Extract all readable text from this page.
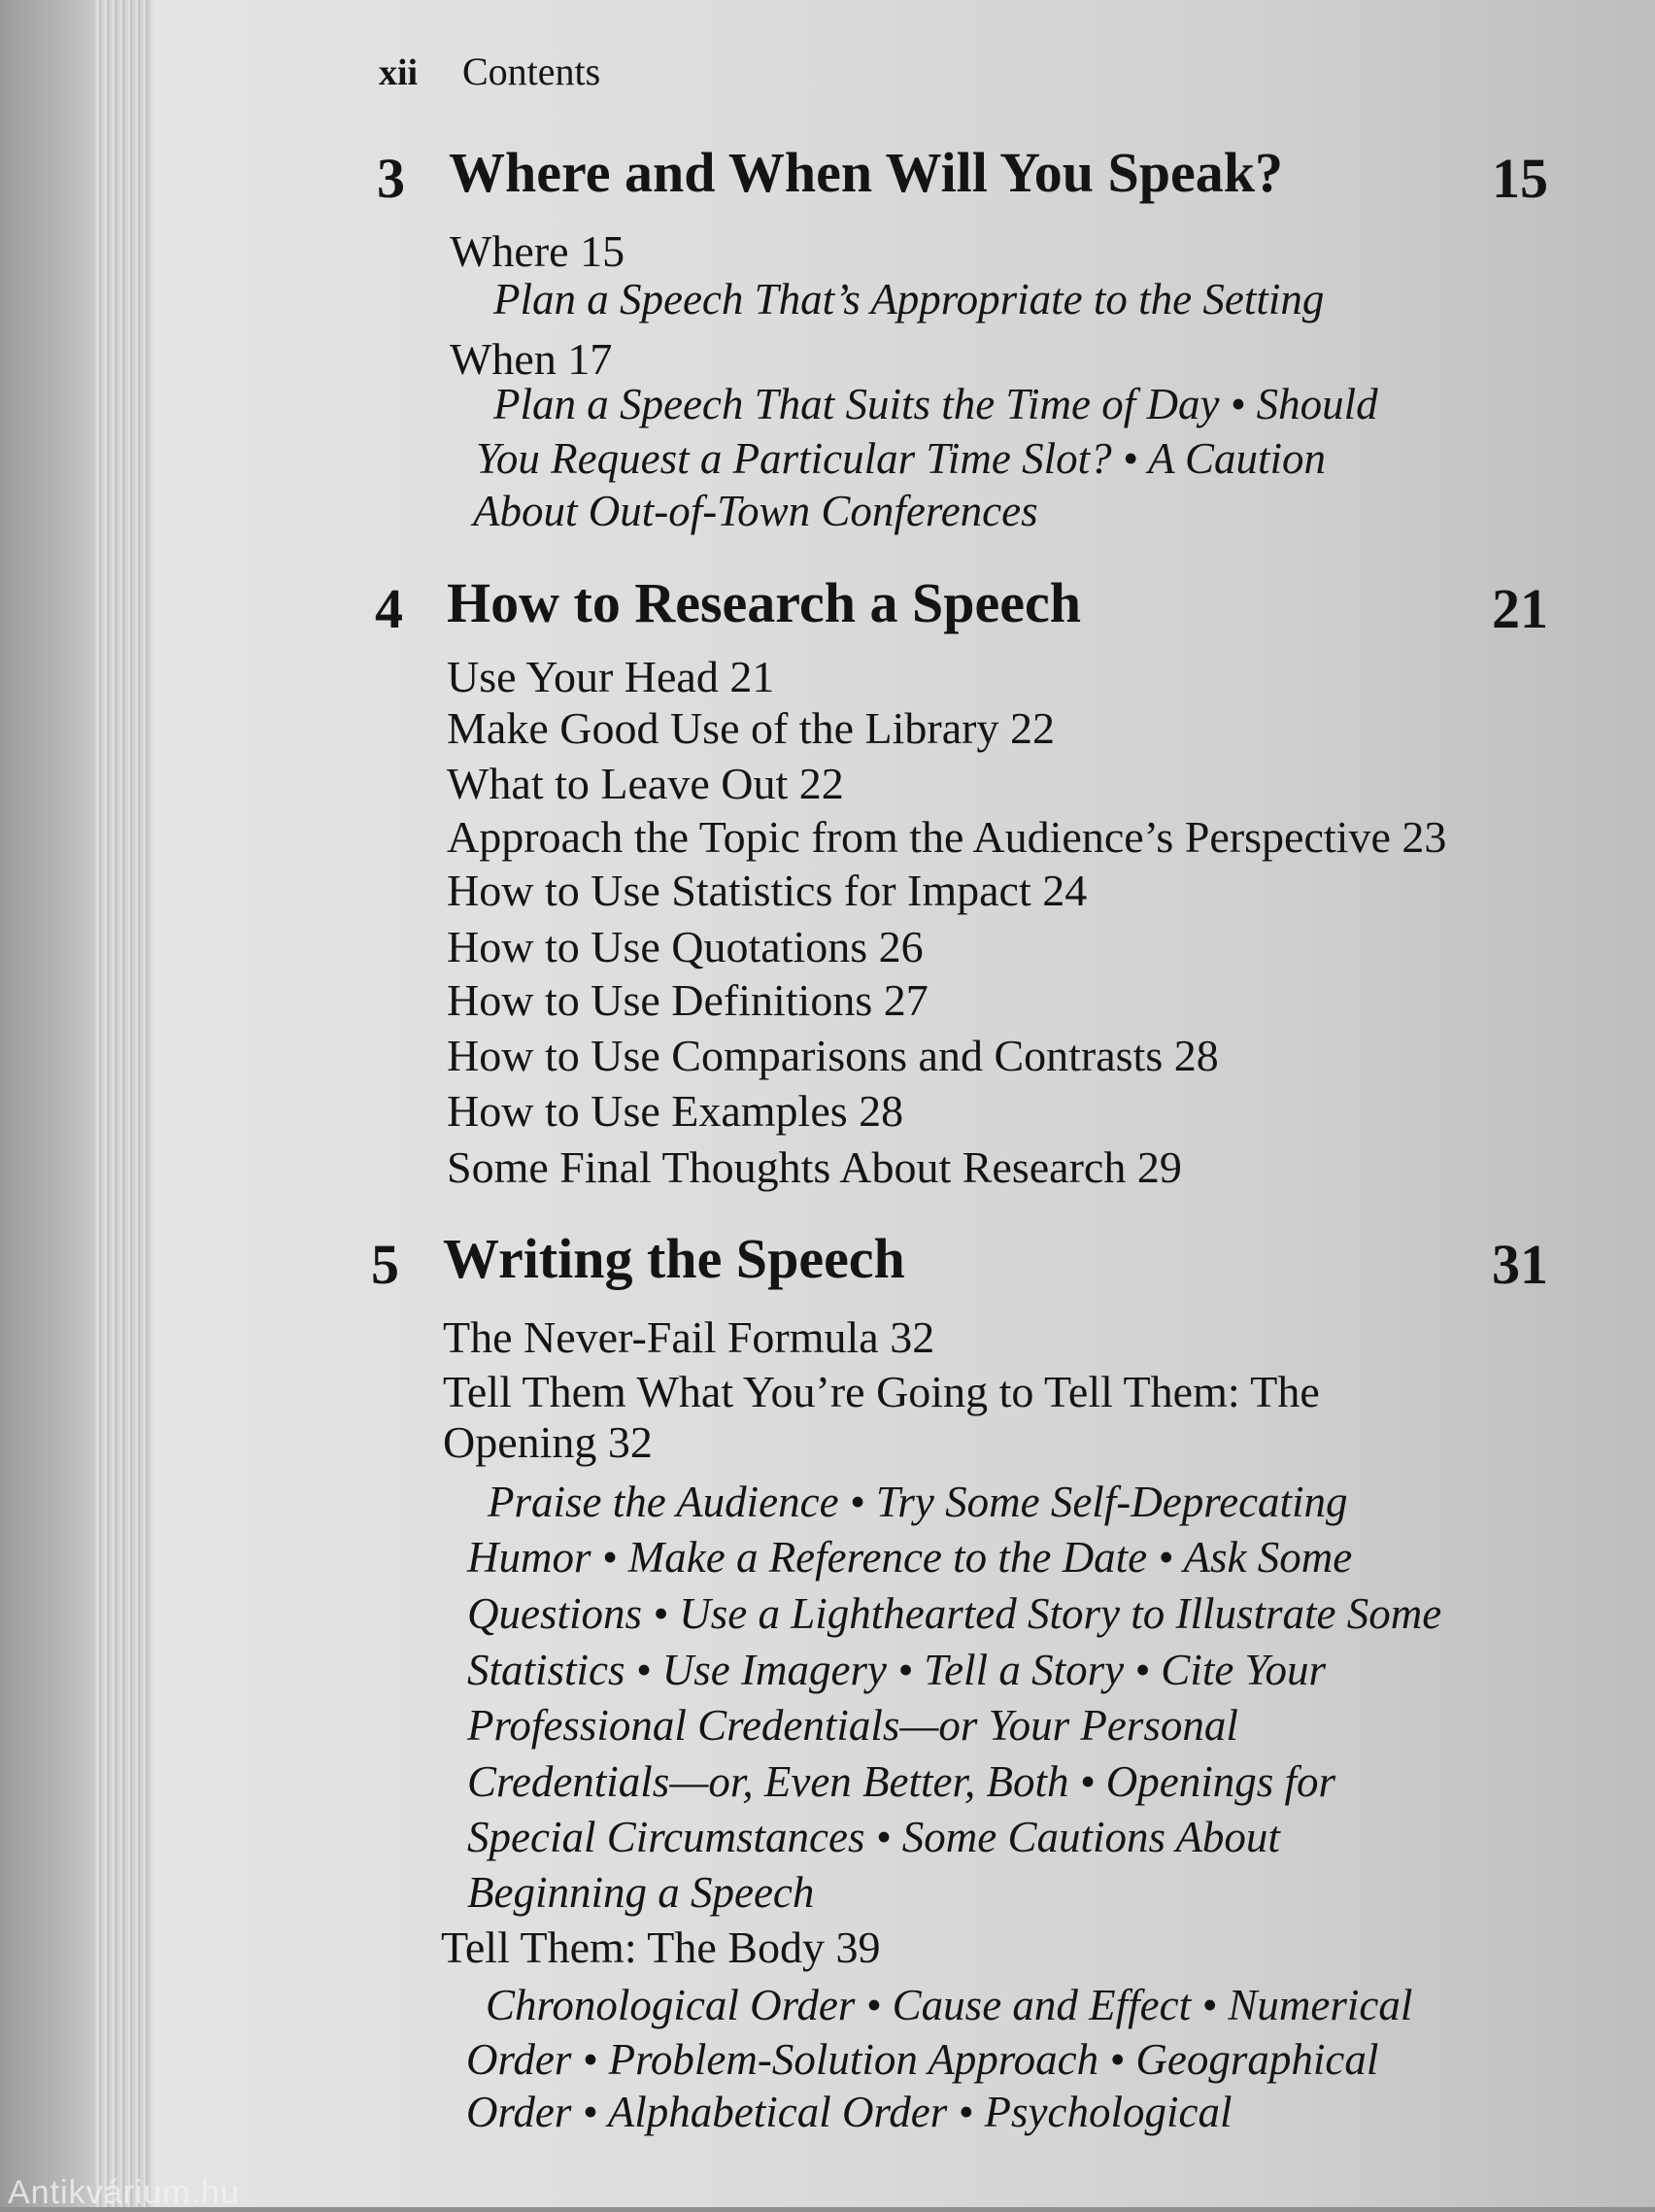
xii Contents
3 Where and When Will You Speak?	15
Where 15
Plan a Speech That’s Appropriate to the Setting
When 17
Plan a Speech That Suits the Time of Day • Should
You Request a Particular Time Slot? • A Caution
About Out-of-Town Conferences
4 How to Research a Speech	21
Use Your Head 21
Make Good Use of the Library 22
What to Leave Out 22
Approach the Topic from the Audience’s Perspective 23
How to Use Statistics for Impact 24
How to Use Quotations 26
How to Use Definitions 27
How to Use Comparisons and Contrasts 28
How to Use Examples 28
Some Final Thoughts About Research 29
5 Writing the Speech	31
The Never-Fail Formula 32
Tell Them What You’re Going to Tell Them: The
Opening 32
Praise the Audience • Try Some Self-Deprecating
Humor • Make a Reference to the Date • Ask Some
Questions • Use a Lighthearted Story to Illustrate Some
Statistics • Use Imagery • Tell a Story • Cite Your
Professional Credentials—or Your Personal
Credentials—or, Even Better, Both • Openings for
Special Circumstances • Some Cautions About
Beginning a Speech
Tell Them: The Body 39
Chronological Order • Cause and Effect • Numerical
Order • Problem-Solution Approach • Geographical
Order • Alphabetical Order • Psychological
Antikvárium.hu
